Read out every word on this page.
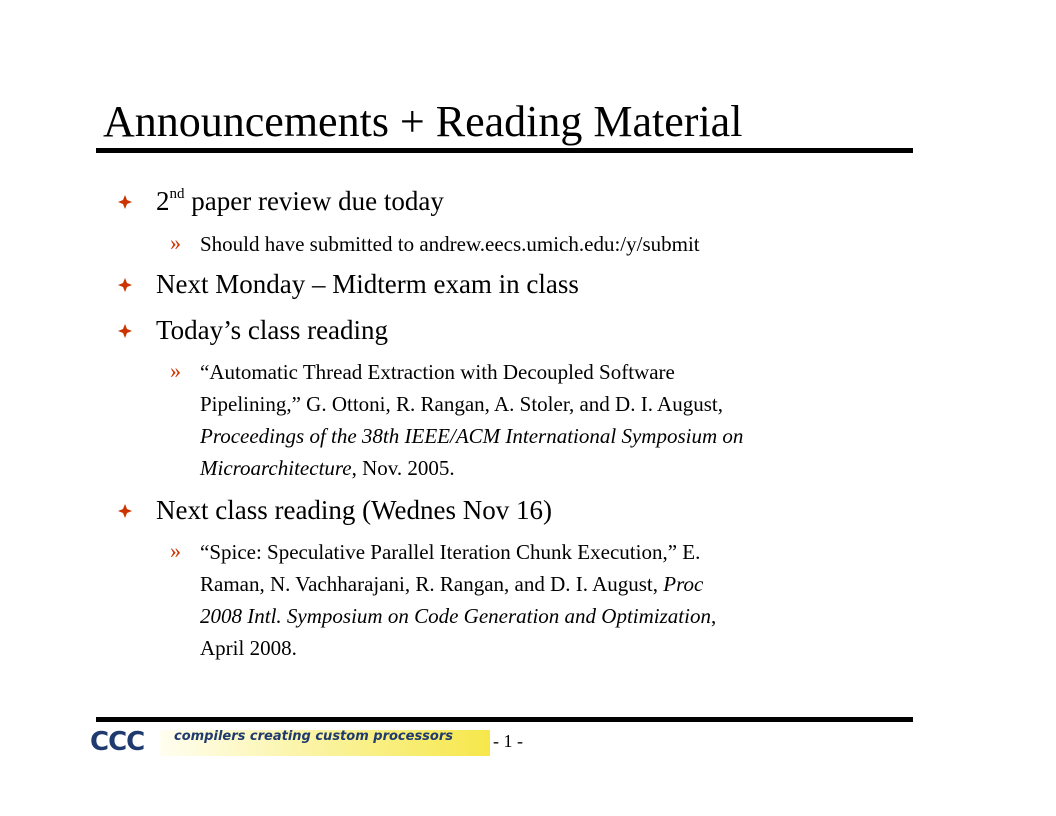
Announcements + Reading Material
2nd paper review due today
» Should have submitted to andrew.eecs.umich.edu:/y/submit
Next Monday – Midterm exam in class
Today’s class reading
» “Automatic Thread Extraction with Decoupled Software
Pipelining,” G. Ottoni, R. Rangan, A. Stoler, and D. I. August,
Proceedings of the 38th IEEE/ACM International Symposium on
Microarchitecture, Nov. 2005.
Next class reading (Wednes Nov 16)
» “Spice: Speculative Parallel Iteration Chunk Execution,” E.
Raman, N. Vachharajani, R. Rangan, and D. I. August, Proc
2008 Intl. Symposium on Code Generation and Optimization,
April 2008.
CCC compilers creating custom processors - 1 -
